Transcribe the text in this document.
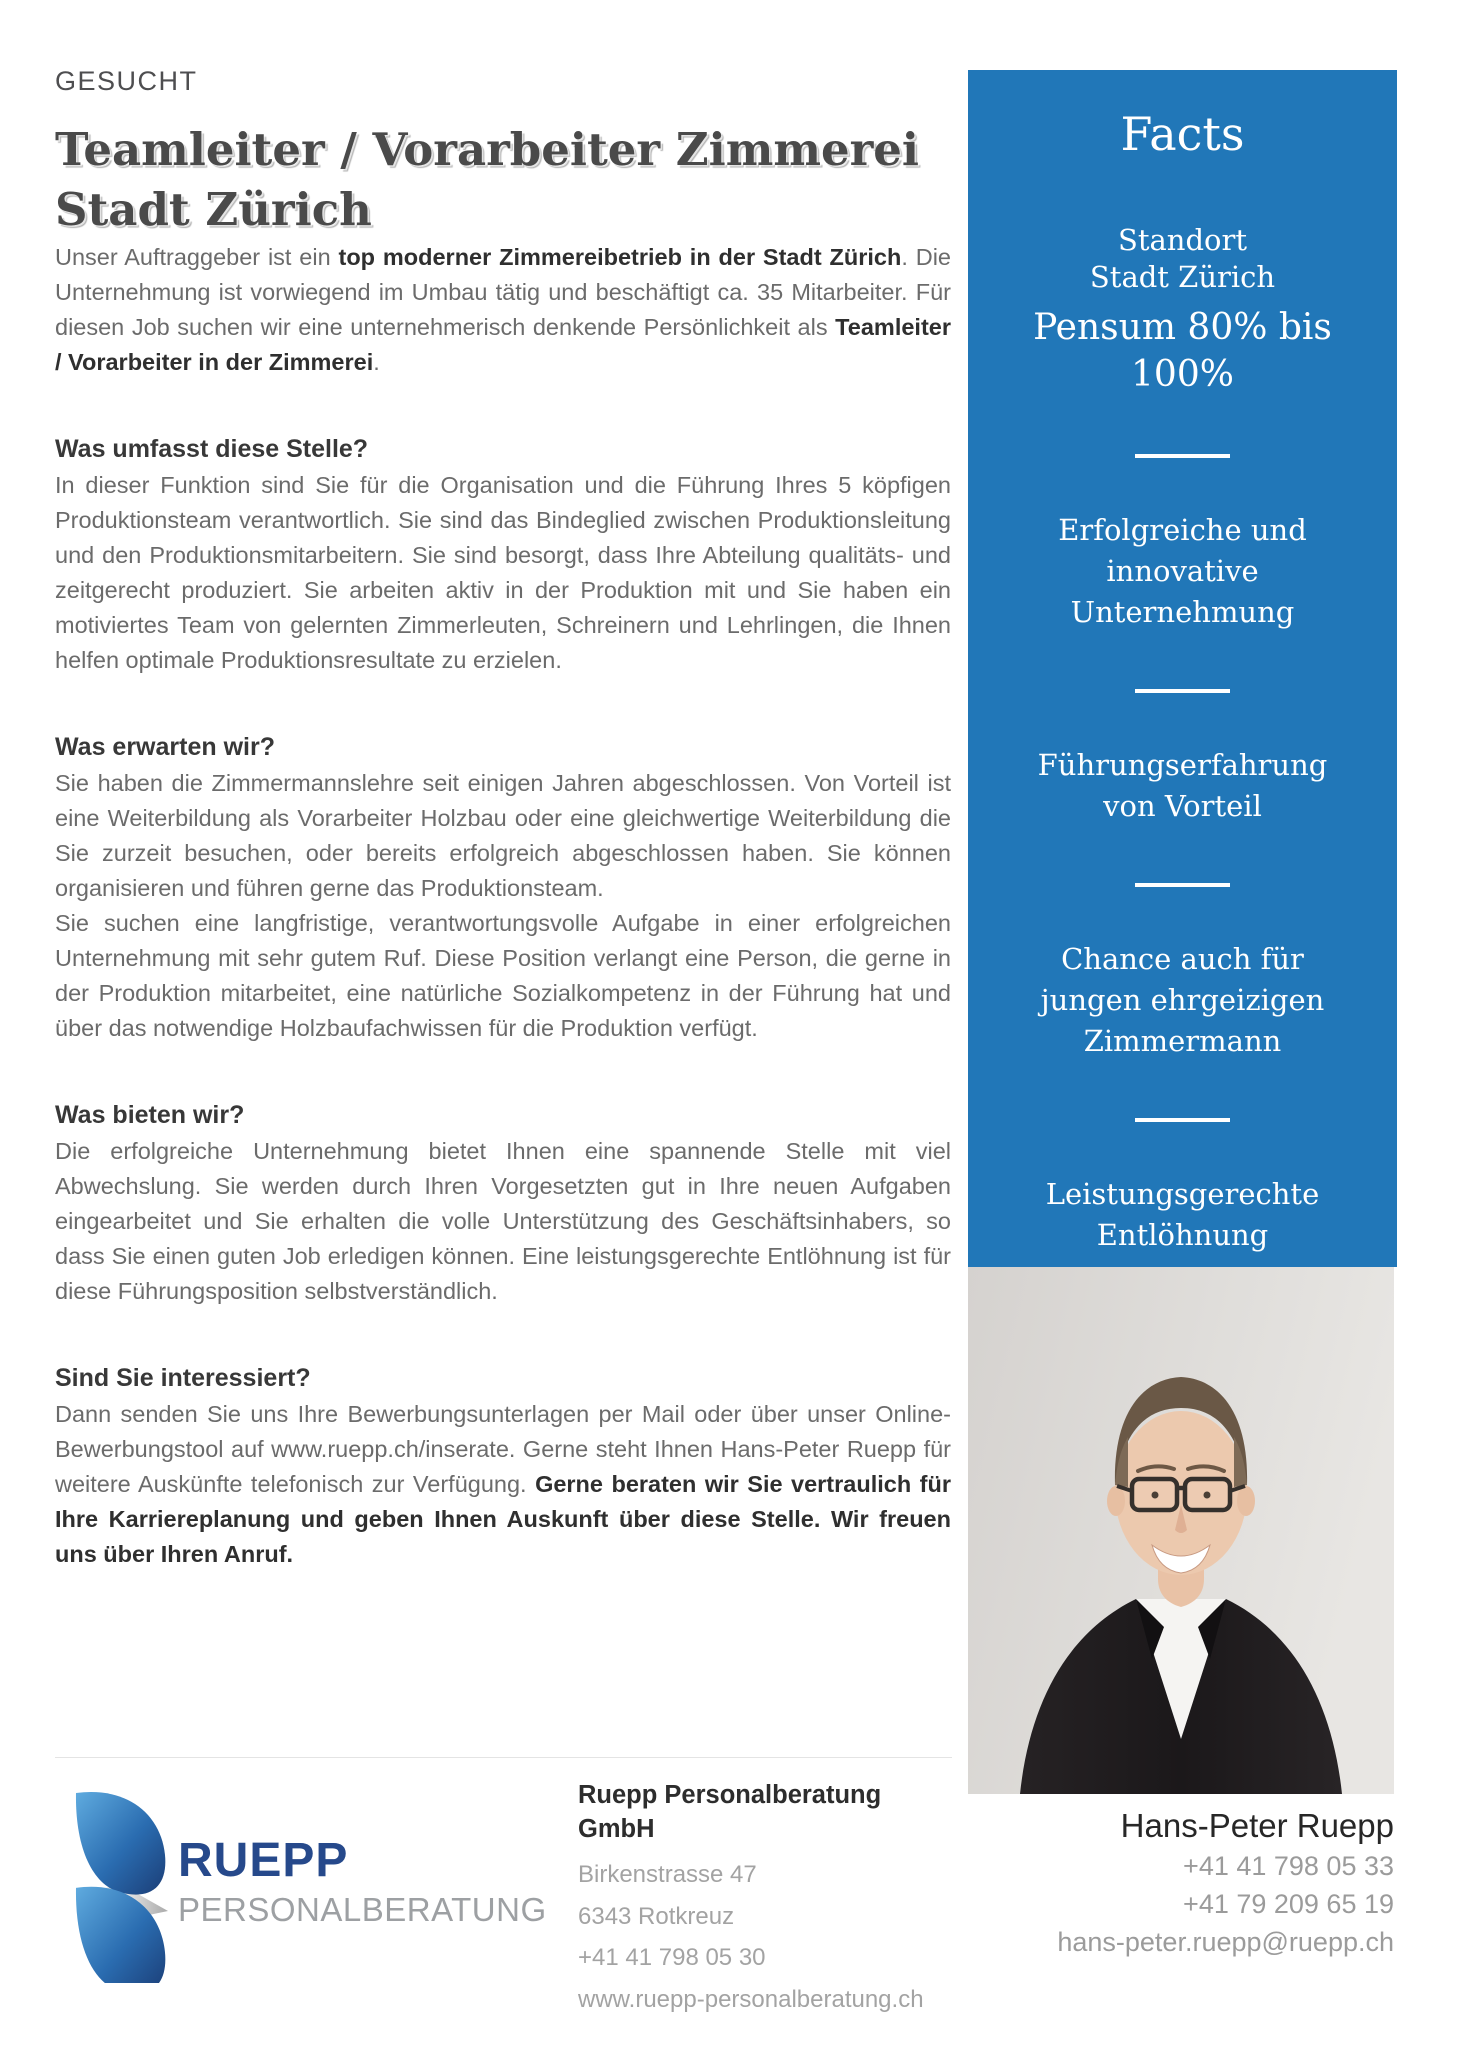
GESUCHT
Teamleiter / Vorarbeiter Zimmerei
Stadt Zürich

Unser Auftraggeber ist ein top moderner Zimmereibetrieb in der Stadt Zürich. Die Unternehmung ist vorwiegend im Umbau tätig und beschäftigt ca. 35 Mitarbeiter. Für diesen Job suchen wir eine unternehmerisch denkende Persönlichkeit als Teamleiter / Vorarbeiter in der Zimmerei.

Was umfasst diese Stelle?

In dieser Funktion sind Sie für die Organisation und die Führung Ihres 5 köpfigen Produktionsteam verantwortlich. Sie sind das Bindeglied zwischen Produktionsleitung und den Produktionsmitarbeitern. Sie sind besorgt, dass Ihre Abteilung qualitäts- und zeitgerecht produziert. Sie arbeiten aktiv in der Produktion mit und Sie haben ein motiviertes Team von gelernten Zimmerleuten, Schreinern und Lehrlingen, die Ihnen helfen optimale Produktionsresultate zu erzielen.

Was erwarten wir?

Sie haben die Zimmermannslehre seit einigen Jahren abgeschlossen. Von Vorteil ist eine Weiterbildung als Vorarbeiter Holzbau oder eine gleichwertige Weiterbildung die Sie zurzeit besuchen, oder bereits erfolgreich abgeschlossen haben. Sie können organisieren und führen gerne das Produktionsteam.

Sie suchen eine langfristige, verantwortungsvolle Aufgabe in einer erfolgreichen Unternehmung mit sehr gutem Ruf. Diese Position verlangt eine Person, die gerne in der Produktion mitarbeitet, eine natürliche Sozialkompetenz in der Führung hat und über das notwendige Holzbaufachwissen für die Produktion verfügt.

Was bieten wir?

Die erfolgreiche Unternehmung bietet Ihnen eine spannende Stelle mit viel Abwechslung. Sie werden durch Ihren Vorgesetzten gut in Ihre neuen Aufgaben eingearbeitet und Sie erhalten die volle Unterstützung des Geschäftsinhabers, so dass Sie einen guten Job erledigen können. Eine leistungsgerechte Entlöhnung ist für diese Führungsposition selbstverständlich.

Sind Sie interessiert?

Dann senden Sie uns Ihre Bewerbungsunterlagen per Mail oder über unser Online-Bewerbungstool auf www.ruepp.ch/inserate. Gerne steht Ihnen Hans-Peter Ruepp für weitere Auskünfte telefonisch zur Verfügung. Gerne beraten wir Sie vertraulich für Ihre Karriereplanung und geben Ihnen Auskunft über diese Stelle. Wir freuen uns über Ihren Anruf.

Facts
Standort
Stadt Zürich
Pensum 80% bis 100%
Erfolgreiche und innovative Unternehmung
Führungserfahrung von Vorteil
Chance auch für jungen ehrgeizigen Zimmermann
Leistungsgerechte Entlöhnung
Hans-Peter Ruepp
+41 41 798 05 33
+41 79 209 65 19
hans-peter.ruepp@ruepp.ch
RUEPP
PERSONALBERATUNG
Ruepp Personalberatung GmbH
Birkenstrasse 47
6343 Rotkreuz
+41 41 798 05 30
www.ruepp-personalberatung.ch
